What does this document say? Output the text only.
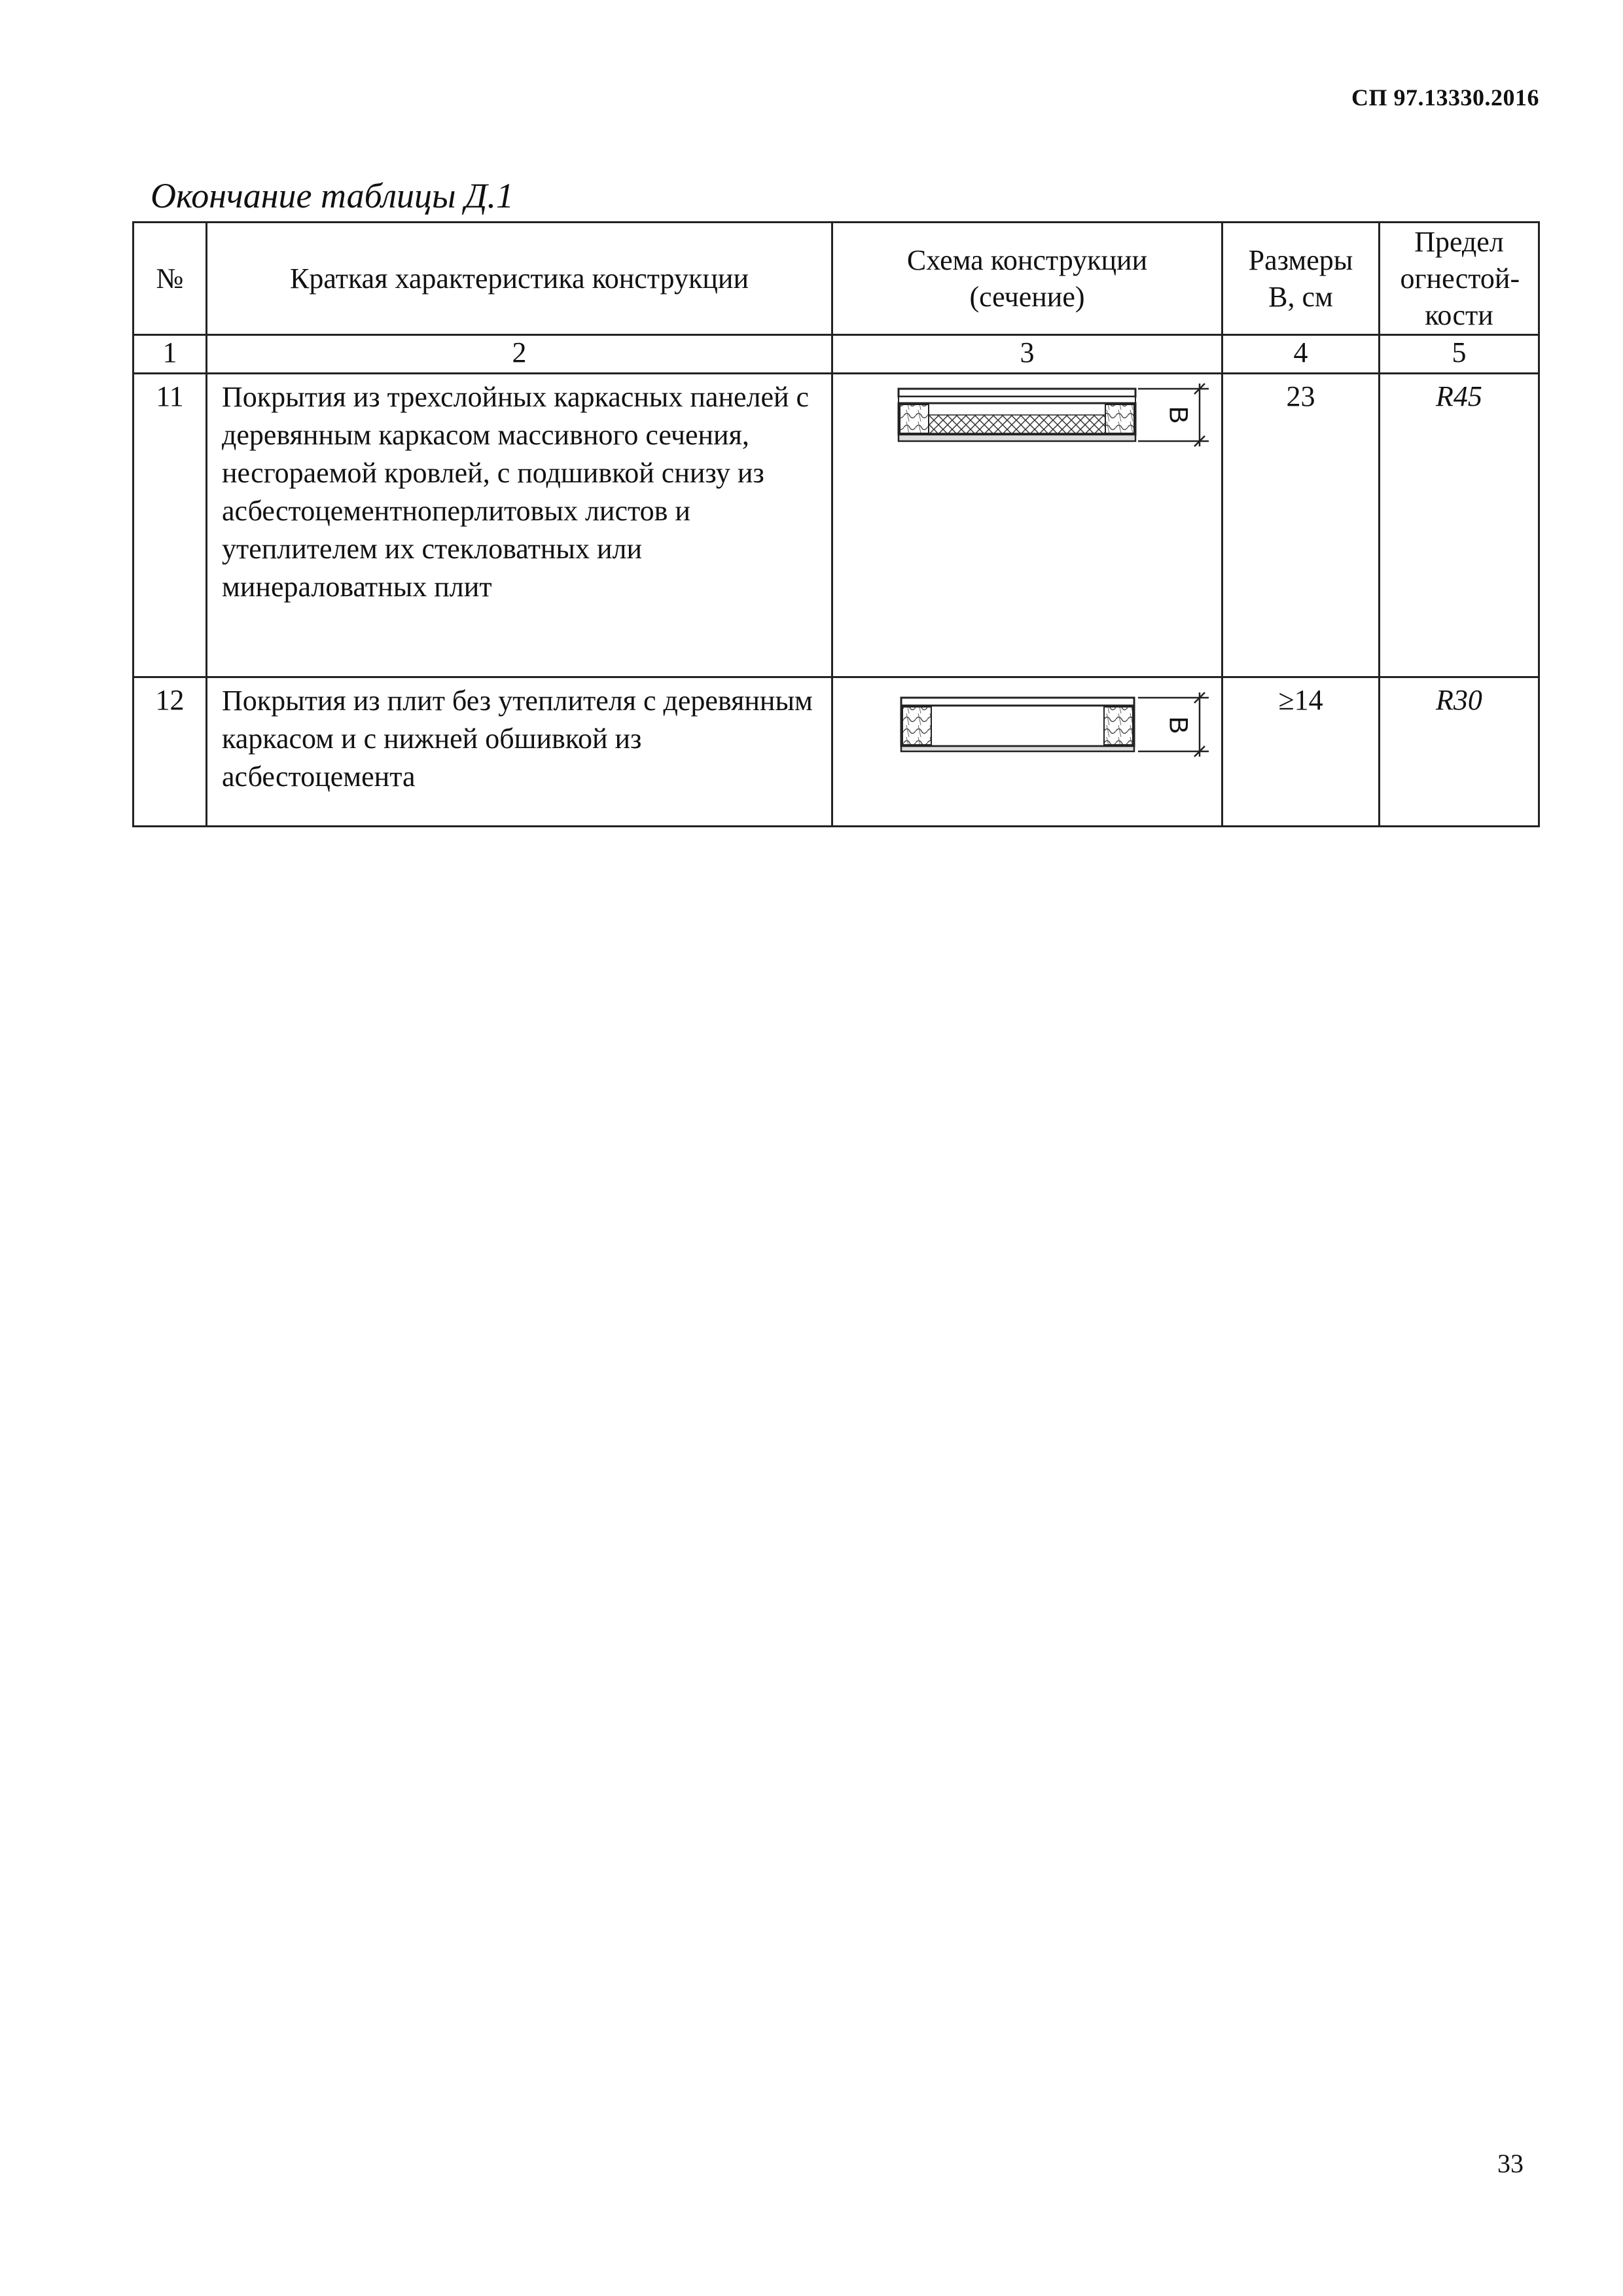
СП 97.13330.2016
Окончание таблицы Д.1
№	Краткая характеристика конструкции	Схема конструкции (сечение)	Размеры B, см	Предел огнестой-кости

1	2	3	4	5
11	Покрытия из трехслойных каркасных панелей с деревянным каркасом массивного сечения, несгораемой кровлей, с подшивкой снизу из асбестоцементноперлитовых листов и утеплителем их стекловатных или минераловатных плит	B	23	R45
12	Покрытия из плит без утеплителя с деревянным каркасом и с нижней обшивкой из асбестоцемента	B	≥14	R30
33
